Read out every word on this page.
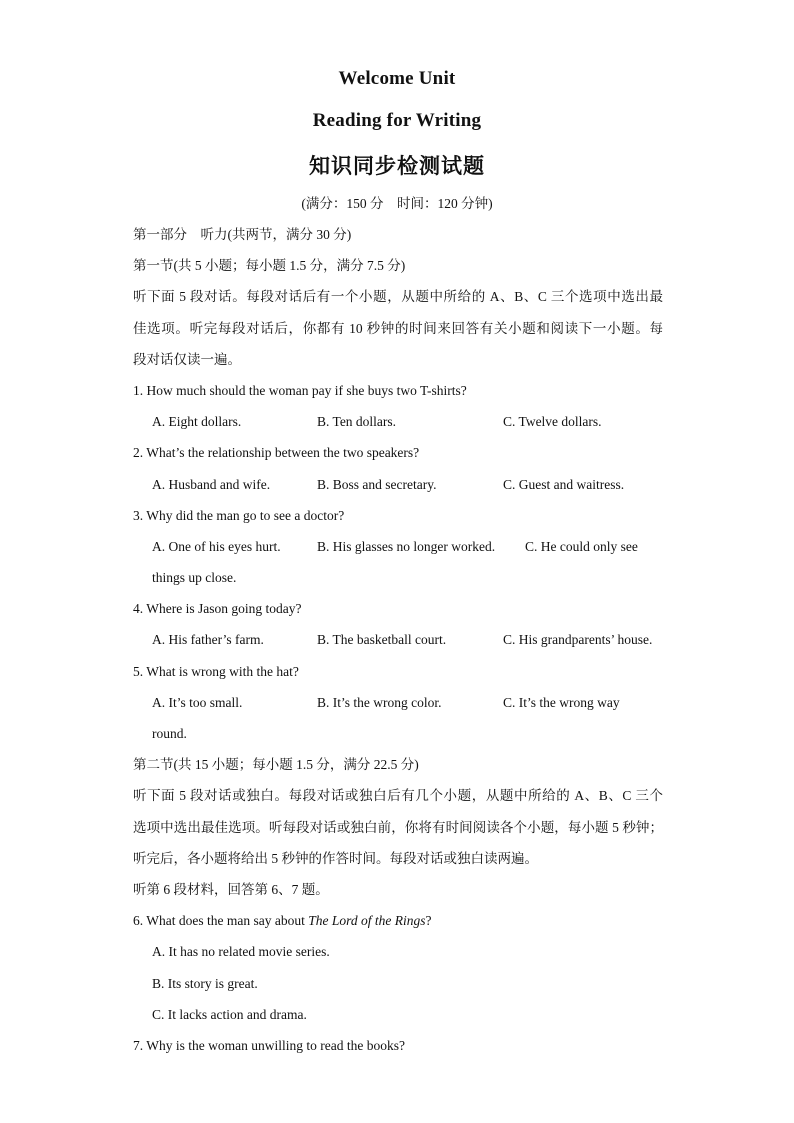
Welcome Unit
Reading for Writing
知识同步检测试题
(满分：150 分　时间：120 分钟)
第一部分　听力(共两节，满分 30 分)
第一节(共 5 小题；每小题 1.5 分，满分 7.5 分)
听下面 5 段对话。每段对话后有一个小题，从题中所给的 A、B、C 三个选项中选出最
佳选项。听完每段对话后，你都有 10 秒钟的时间来回答有关小题和阅读下一小题。每
段对话仅读一遍。
1. How much should the woman pay if she buys two T-shirts?
A. Eight dollars.	B. Ten dollars.	C. Twelve dollars.
2. What’s the relationship between the two speakers?
A. Husband and wife.	B. Boss and secretary.	C. Guest and waitress.
3. Why did the man go to see a doctor?
A. One of his eyes hurt.	B. His glasses no longer worked. C. He could only see
things up close.
4. Where is Jason going today?
A. His father’s farm.	B. The basketball court.	C. His grandparents’ house.
5. What is wrong with the hat?
A. It’s too small.	B. It’s the wrong color.	C. It’s the wrong way
round.
第二节(共 15 小题；每小题 1.5 分，满分 22.5 分)
听下面 5 段对话或独白。每段对话或独白后有几个小题，从题中所给的 A、B、C 三个
选项中选出最佳选项。听每段对话或独白前，你将有时间阅读各个小题，每小题 5 秒钟；
听完后，各小题将给出 5 秒钟的作答时间。每段对话或独白读两遍。
听第 6 段材料，回答第 6、7 题。
6. What does the man say about The Lord of the Rings?
A. It has no related movie series.
B. Its story is great.
C. It lacks action and drama.
7. Why is the woman unwilling to read the books?
